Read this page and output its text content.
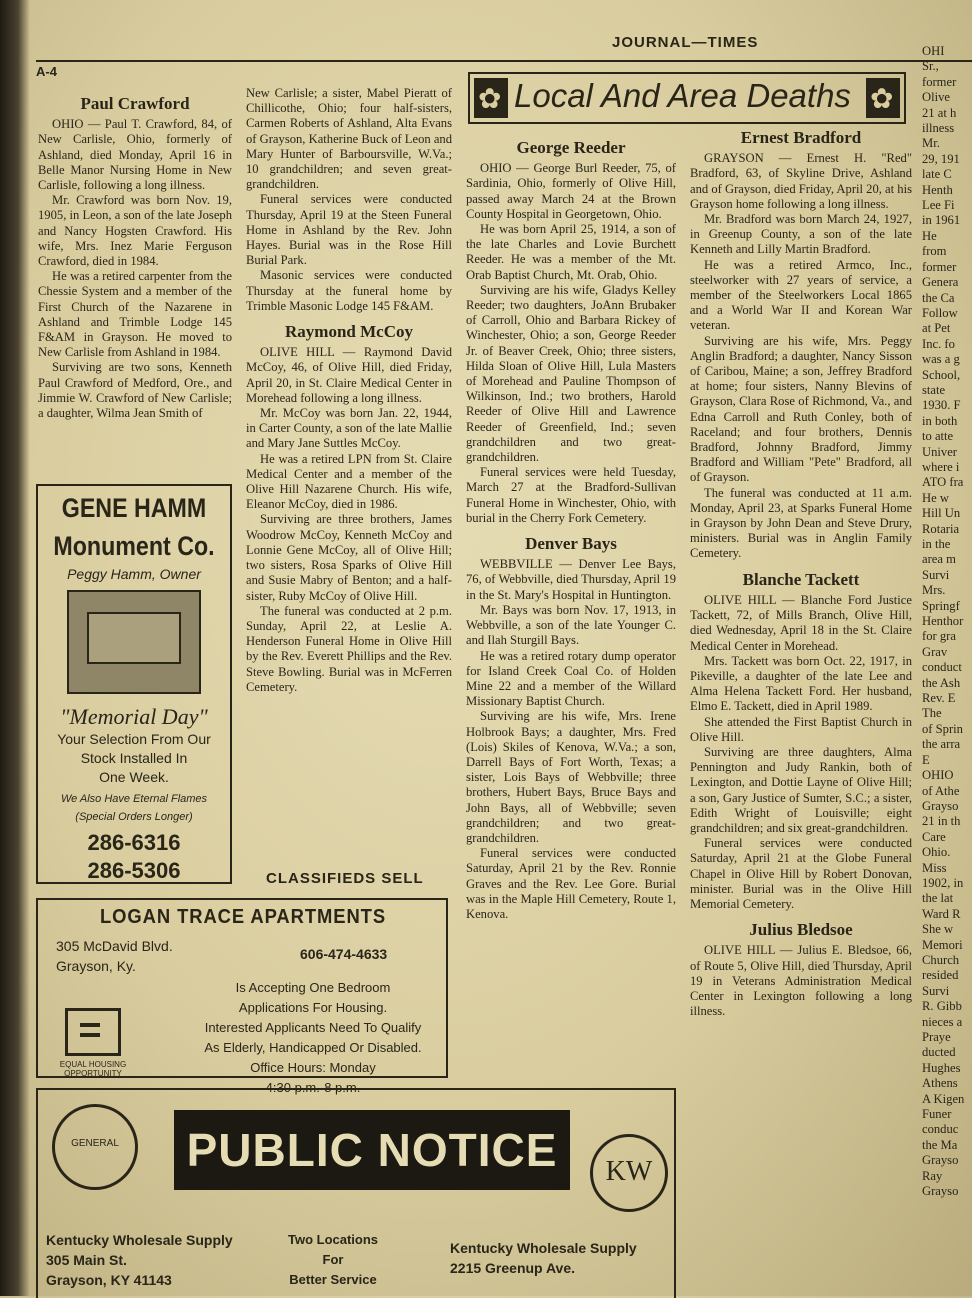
JOURNAL—TIMES
A-4
✿
Local And Area Deaths
✿
Paul Crawford

OHIO — Paul T. Crawford, 84, of New Carlisle, Ohio, formerly of Ashland, died Monday, April 16 in Belle Manor Nursing Home in New Carlisle, following a long illness.

Mr. Crawford was born Nov. 19, 1905, in Leon, a son of the late Joseph and Nancy Hogsten Crawford. His wife, Mrs. Inez Marie Ferguson Crawford, died in 1984.

He was a retired carpenter from the Chessie System and a member of the First Church of the Nazarene in Ashland and Trimble Lodge 145 F&AM in Grayson. He moved to New Carlisle from Ashland in 1984.

Surviving are two sons, Kenneth Paul Crawford of Medford, Ore., and Jimmie W. Crawford of New Carlisle; a daughter, Wilma Jean Smith of

GENE HAMM
Monument Co.
Peggy Hamm, Owner
"Memorial Day"
Your Selection From Our
Stock Installed In
One Week.
We Also Have Eternal Flames
(Special Orders Longer)
286-6316
286-5306

New Carlisle; a sister, Mabel Pieratt of Chillicothe, Ohio; four half-sisters, Carmen Roberts of Ashland, Alta Evans of Grayson, Katherine Buck of Leon and Mary Hunter of Barboursville, W.Va.; 10 grandchildren; and seven great-grandchildren.

Funeral services were conducted Thursday, April 19 at the Steen Funeral Home in Ashland by the Rev. John Hayes. Burial was in the Rose Hill Burial Park.

Masonic services were conducted Thursday at the funeral home by Trimble Masonic Lodge 145 F&AM.

Raymond McCoy

OLIVE HILL — Raymond David McCoy, 46, of Olive Hill, died Friday, April 20, in St. Claire Medical Center in Morehead following a long illness.

Mr. McCoy was born Jan. 22, 1944, in Carter County, a son of the late Mallie and Mary Jane Suttles McCoy.

He was a retired LPN from St. Claire Medical Center and a member of the Olive Hill Nazarene Church. His wife, Eleanor McCoy, died in 1986.

Surviving are three brothers, James Woodrow McCoy, Kenneth McCoy and Lonnie Gene McCoy, all of Olive Hill; two sisters, Rosa Sparks of Olive Hill and Susie Mabry of Benton; and a half-sister, Ruby McCoy of Olive Hill.

The funeral was conducted at 2 p.m. Sunday, April 22, at Leslie A. Henderson Funeral Home in Olive Hill by the Rev. Everett Phillips and the Rev. Steve Bowling. Burial was in McFerren Cemetery.

CLASSIFIEDS SELL
LOGAN TRACE APARTMENTS
305 McDavid Blvd.
Grayson, Ky.
606-474-4633
Is Accepting One Bedroom
Applications For Housing.
Interested Applicants Need To Qualify
As Elderly, Handicapped Or Disabled.
Office Hours: Monday
4:30 p.m.-8 p.m.
EQUAL HOUSING OPPORTUNITY
George Reeder

OHIO — George Burl Reeder, 75, of Sardinia, Ohio, formerly of Olive Hill, passed away March 24 at the Brown County Hospital in Georgetown, Ohio.

He was born April 25, 1914, a son of the late Charles and Lovie Burchett Reeder. He was a member of the Mt. Orab Baptist Church, Mt. Orab, Ohio.

Surviving are his wife, Gladys Kelley Reeder; two daughters, JoAnn Brubaker of Carroll, Ohio and Barbara Rickey of Winchester, Ohio; a son, George Reeder Jr. of Beaver Creek, Ohio; three sisters, Hilda Sloan of Olive Hill, Lula Masters of Morehead and Pauline Thompson of Wilkinson, Ind.; two brothers, Harold Reeder of Olive Hill and Lawrence Reeder of Greenfield, Ind.; seven grandchildren and two great-grandchildren.

Funeral services were held Tuesday, March 27 at the Bradford-Sullivan Funeral Home in Winchester, Ohio, with burial in the Cherry Fork Cemetery.

Denver Bays

WEBBVILLE — Denver Lee Bays, 76, of Webbville, died Thursday, April 19 in the St. Mary's Hospital in Huntington.

Mr. Bays was born Nov. 17, 1913, in Webbville, a son of the late Younger C. and Ilah Sturgill Bays.

He was a retired rotary dump operator for Island Creek Coal Co. of Holden Mine 22 and a member of the Willard Missionary Baptist Church.

Surviving are his wife, Mrs. Irene Holbrook Bays; a daughter, Mrs. Fred (Lois) Skiles of Kenova, W.Va.; a son, Darrell Bays of Fort Worth, Texas; a sister, Lois Bays of Webbville; three brothers, Hubert Bays, Bruce Bays and John Bays, all of Webbville; seven grandchildren; and two great-grandchildren.

Funeral services were conducted Saturday, April 21 by the Rev. Ronnie Graves and the Rev. Lee Gore. Burial was in the Maple Hill Cemetery, Route 1, Kenova.

Ernest Bradford

GRAYSON — Ernest H. "Red" Bradford, 63, of Skyline Drive, Ashland and of Grayson, died Friday, April 20, at his Grayson home following a long illness.

Mr. Bradford was born March 24, 1927, in Greenup County, a son of the late Kenneth and Lilly Martin Bradford.

He was a retired Armco, Inc., steelworker with 27 years of service, a member of the Steelworkers Local 1865 and a World War II and Korean War veteran.

Surviving are his wife, Mrs. Peggy Anglin Bradford; a daughter, Nancy Sisson of Caribou, Maine; a son, Jeffrey Bradford at home; four sisters, Nanny Blevins of Grayson, Clara Rose of Richmond, Va., and Edna Carroll and Ruth Conley, both of Raceland; and four brothers, Dennis Bradford, Johnny Bradford, Jimmy Bradford and William "Pete" Bradford, all of Grayson.

The funeral was conducted at 11 a.m. Monday, April 23, at Sparks Funeral Home in Grayson by John Dean and Steve Drury, ministers. Burial was in Anglin Family Cemetery.

Blanche Tackett

OLIVE HILL — Blanche Ford Justice Tackett, 72, of Mills Branch, Olive Hill, died Wednesday, April 18 in the St. Claire Medical Center in Morehead.

Mrs. Tackett was born Oct. 22, 1917, in Pikeville, a daughter of the late Lee and Alma Helena Tackett Ford. Her husband, Elmo E. Tackett, died in April 1989.

She attended the First Baptist Church in Olive Hill.

Surviving are three daughters, Alma Pennington and Judy Rankin, both of Lexington, and Dottie Layne of Olive Hill; a son, Gary Justice of Sumter, S.C.; a sister, Edith Wright of Louisville; eight grandchildren; and six great-grandchildren.

Funeral services were conducted Saturday, April 21 at the Globe Funeral Chapel in Olive Hill by Robert Donovan, minister. Burial was in the Olive Hill Memorial Cemetery.

Julius Bledsoe

OLIVE HILL — Julius E. Bledsoe, 66, of Route 5, Olive Hill, died Thursday, April 19 in Veterans Administration Medical Center in Lexington following a long illness.

OHI
Sr.,
former
Olive
21 at h
illness
Mr.
29, 191
late C
Henth
Lee Fi
in 1961
He
from
former
Genera
the Ca
Follow
at Pet
Inc. fo
was a g
School,
state
1930. F
in both
to atte
Univer
where i
ATO fra
He w
Hill Un
Rotaria
in the
area m
Survi
Mrs.
Springf
Henthor
for gra
Grav
conduct
the Ash
Rev. E
The
of Sprin
the arra
E
OHIO
of Athe
Grayso
21 in th
Care
Ohio.
Miss
1902, in
the lat
Ward R
She w
Memori
Church
resided
Survi
R. Gibb
nieces a
Praye
ducted
Hughes
Athens
A Kigen
Funer
conduc
the Ma
Grayso
Ray
Grayso
GENERAL	PUBLIC NOTICE	KW
Kentucky Wholesale Supply
305 Main St.
Grayson, KY 41143
Two Locations
For
Better Service
Kentucky Wholesale Supply
2215 Greenup Ave.
